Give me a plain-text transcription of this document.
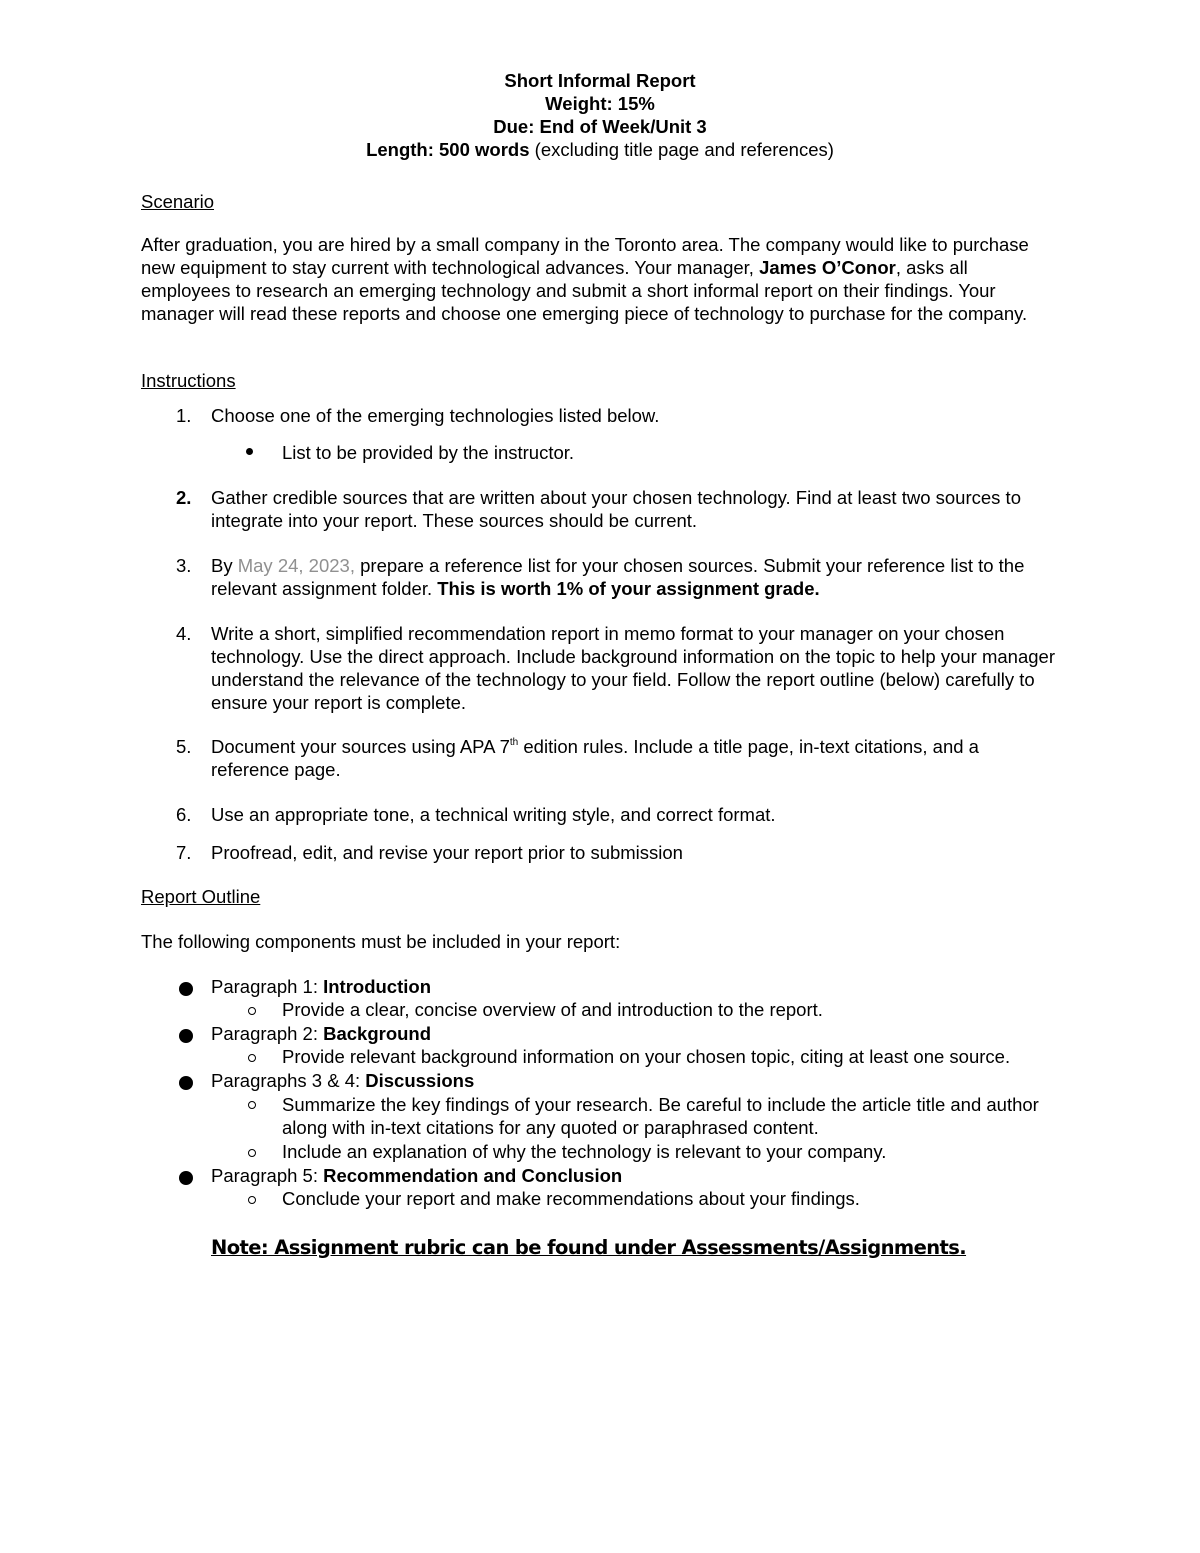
Short Informal Report
Weight: 15%
Due: End of Week/Unit 3
Length: 500 words (excluding title page and references)
Scenario
After graduation, you are hired by a small company in the Toronto area. The company would like to purchase new equipment to stay current with technological advances. Your manager, James O’Conor, asks all employees to research an emerging technology and submit a short informal report on their findings. Your manager will read these reports and choose one emerging piece of technology to purchase for the company.
Instructions
1. Choose one of the emerging technologies listed below.
List to be provided by the instructor.
2. Gather credible sources that are written about your chosen technology. Find at least two sources to integrate into your report. These sources should be current.
3. By May 24, 2023, prepare a reference list for your chosen sources. Submit your reference list to the relevant assignment folder. This is worth 1% of your assignment grade.
4. Write a short, simplified recommendation report in memo format to your manager on your chosen technology. Use the direct approach. Include background information on the topic to help your manager understand the relevance of the technology to your field. Follow the report outline (below) carefully to ensure your report is complete.
5. Document your sources using APA 7th edition rules. Include a title page, in-text citations, and a reference page.
6. Use an appropriate tone, a technical writing style, and correct format.
7. Proofread, edit, and revise your report prior to submission
Report Outline
The following components must be included in your report:
Paragraph 1: Introduction
Provide a clear, concise overview of and introduction to the report.
Paragraph 2: Background
Provide relevant background information on your chosen topic, citing at least one source.
Paragraphs 3 & 4: Discussions
Summarize the key findings of your research. Be careful to include the article title and author along with in-text citations for any quoted or paraphrased content.
Include an explanation of why the technology is relevant to your company.
Paragraph 5: Recommendation and Conclusion
Conclude your report and make recommendations about your findings.
Note: Assignment rubric can be found under Assessments/Assignments.
